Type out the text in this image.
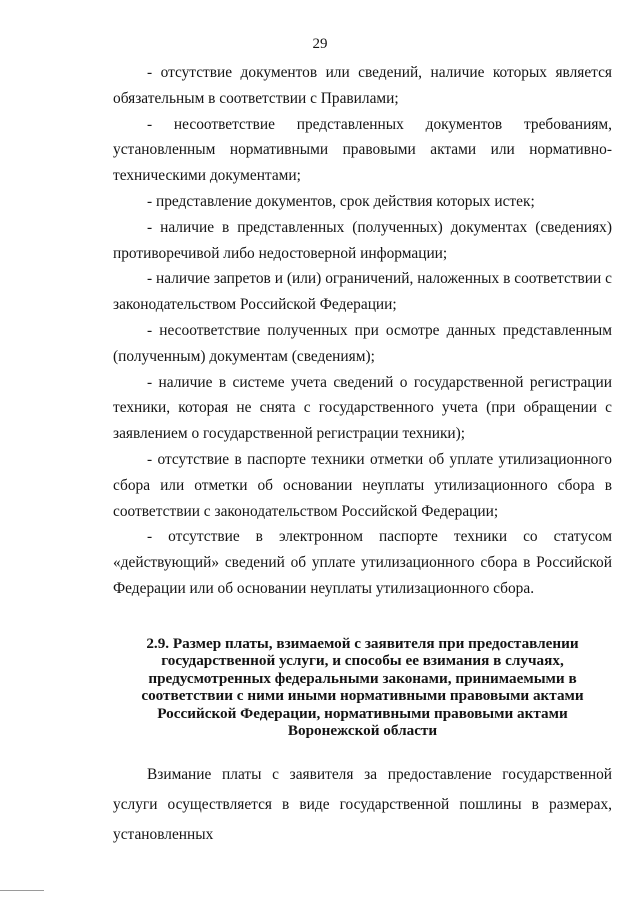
29

- отсутствие документов или сведений, наличие которых является обязательным в соответствии с Правилами;

- несоответствие представленных документов требованиям, установленным нормативными правовыми актами или нормативно-техническими документами;

- представление документов, срок действия которых истек;

- наличие в представленных (полученных) документах (сведениях) противоречивой либо недостоверной информации;

- наличие запретов и (или) ограничений, наложенных в соответствии с законодательством Российской Федерации;

- несоответствие полученных при осмотре данных представленным (полученным) документам (сведениям);

- наличие в системе учета сведений о государственной регистрации техники, которая не снята с государственного учета (при обращении с заявлением о государственной регистрации техники);

- отсутствие в паспорте техники отметки об уплате утилизационного сбора или отметки об основании неуплаты утилизационного сбора в соответствии с законодательством Российской Федерации;

- отсутствие в электронном паспорте техники со статусом «действующий» сведений об уплате утилизационного сбора в Российской Федерации или об основании неуплаты утилизационного сбора.

2.9. Размер платы, взимаемой с заявителя при предоставлении государственной услуги, и способы ее взимания в случаях, предусмотренных федеральными законами, принимаемыми в соответствии с ними иными нормативными правовыми актами Российской Федерации, нормативными правовыми актами Воронежской области

Взимание платы с заявителя за предоставление государственной услуги осуществляется в виде государственной пошлины в размерах, установленных
